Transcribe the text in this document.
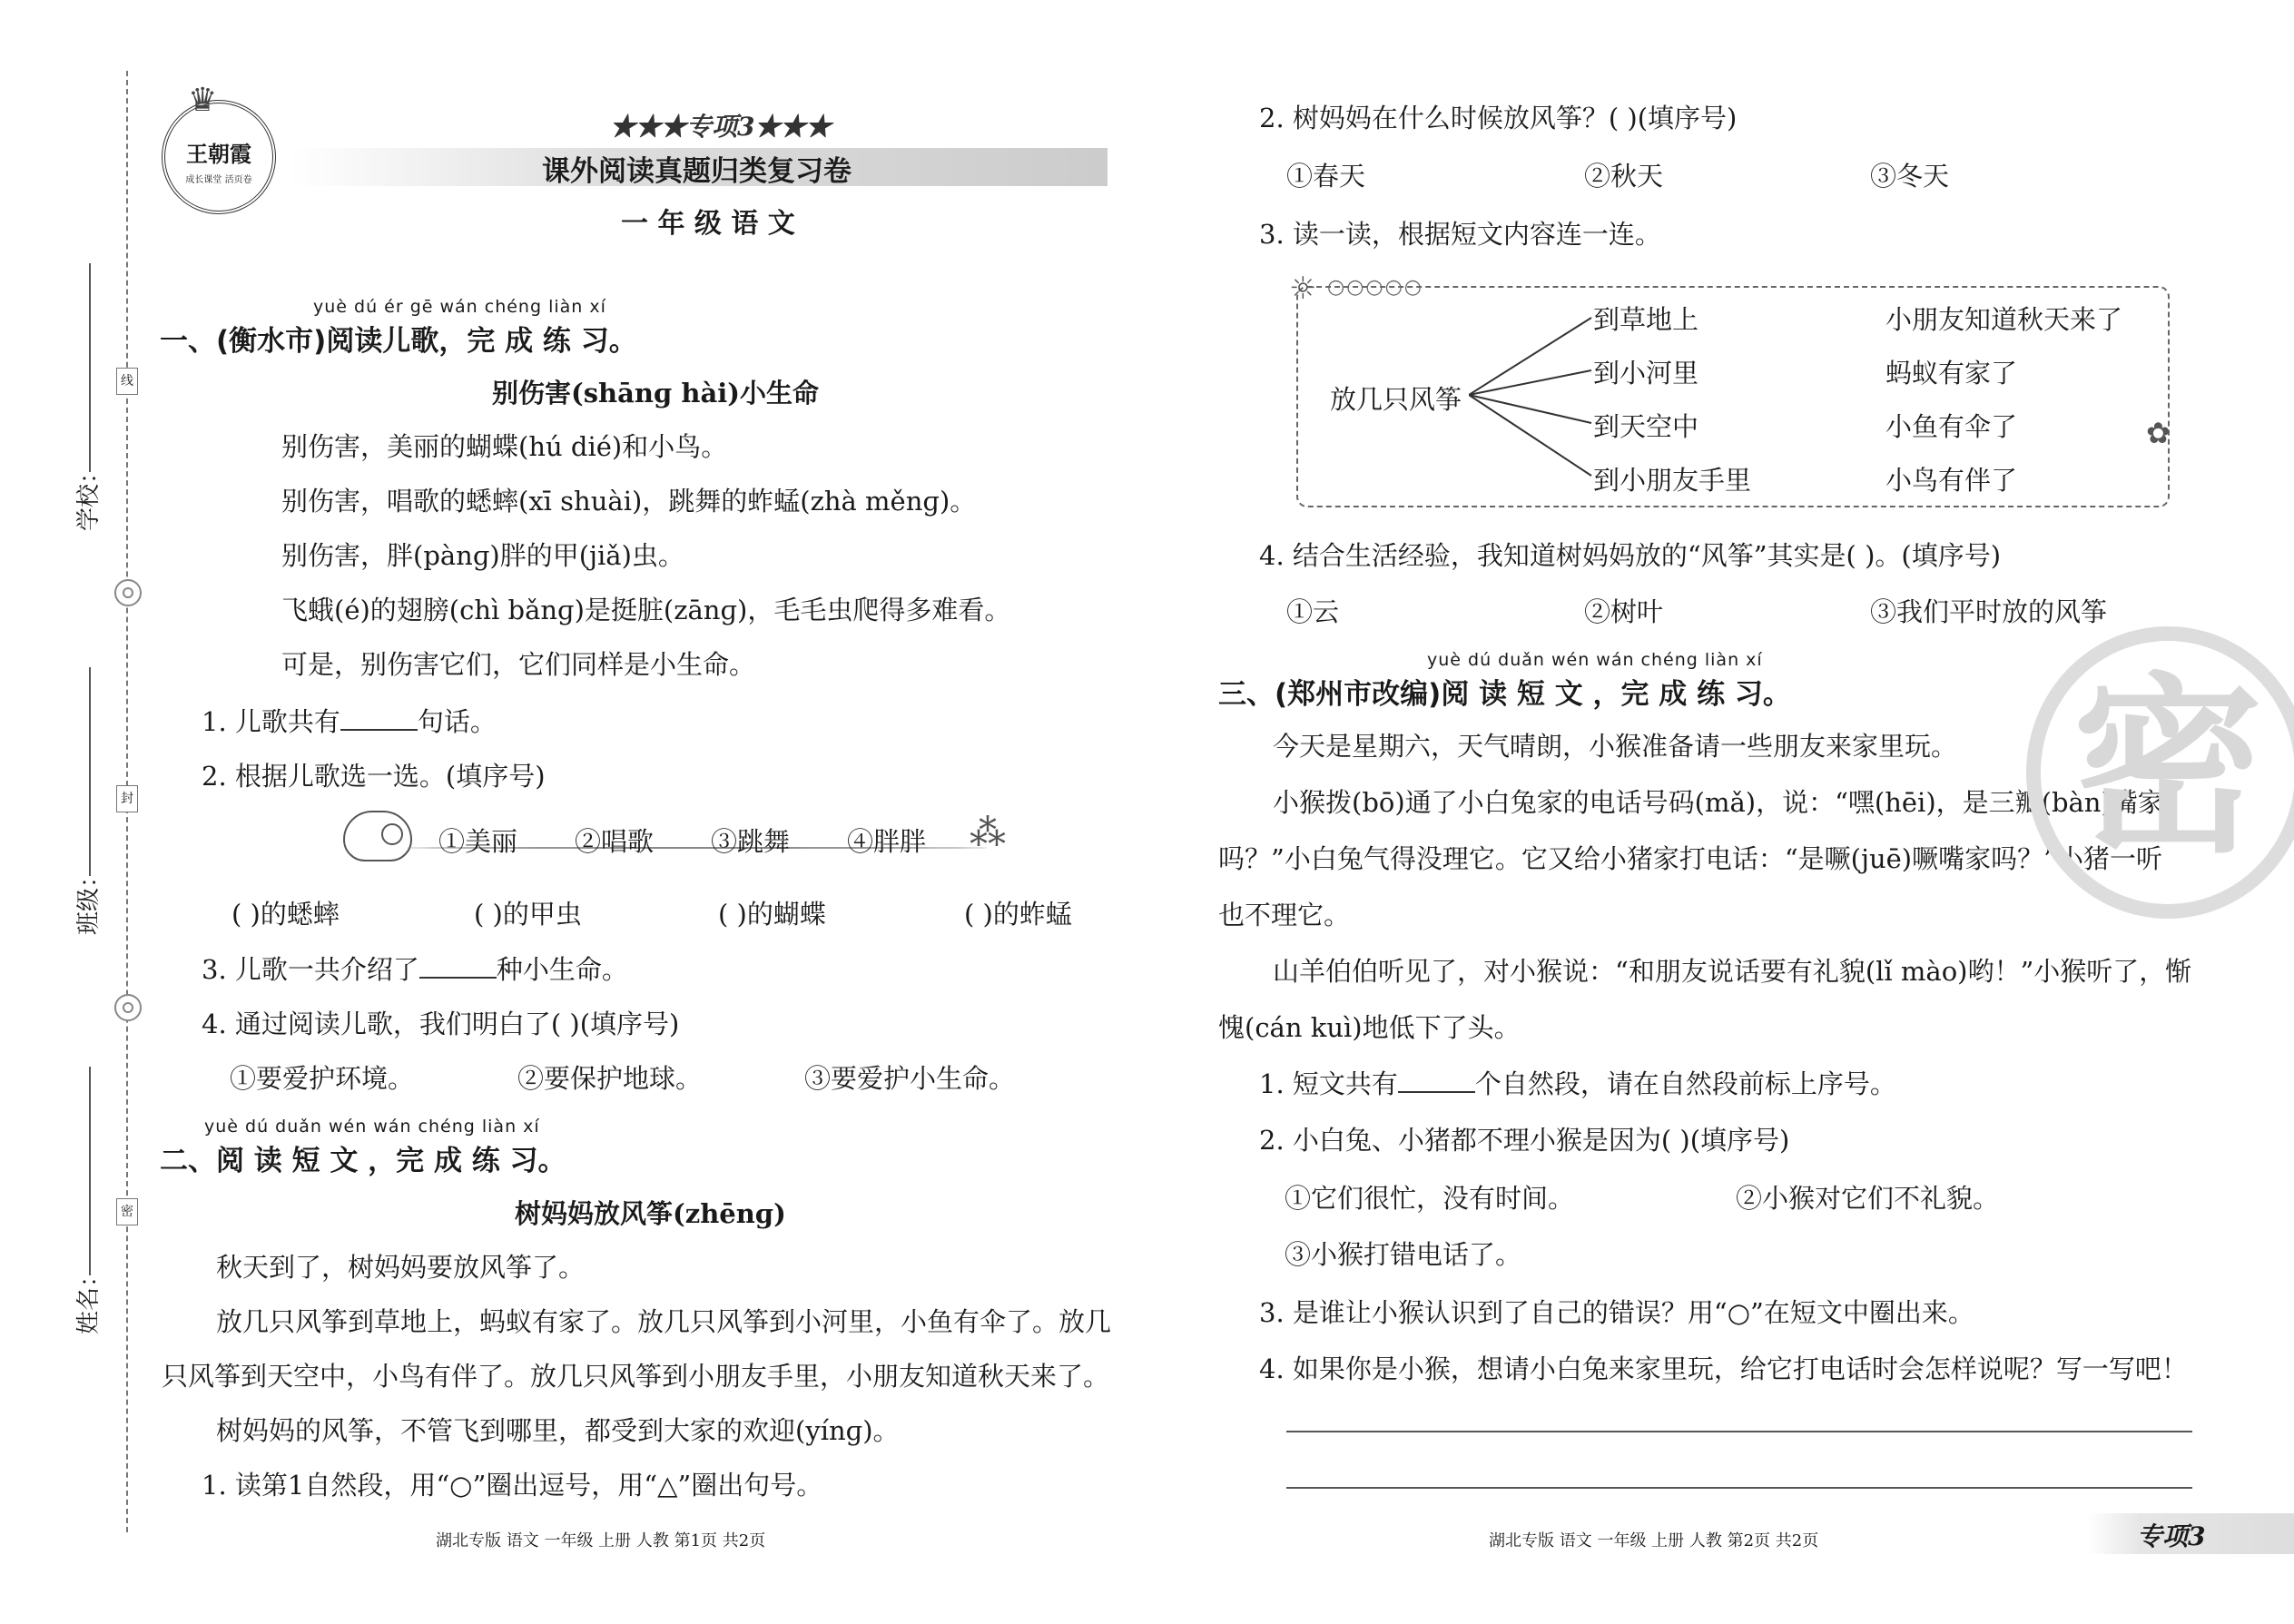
学校：
班级：
姓名：
线
封
密
王朝霞
成长课堂 活页卷
♛
★★★专项3★★★
课外阅读真题归类复习卷
一 年 级 语 文
yuè dú ér gē wán chéng liàn xí
一、(衡水市)阅读儿歌，完 成 练 习。
别伤害(shānɡ hài)小生命
别伤害，美丽的蝴蝶(hú dié)和小鸟。
别伤害，唱歌的蟋蟀(xī shuài)，跳舞的蚱蜢(zhà měnɡ)。
别伤害，胖(pànɡ)胖的甲(jiǎ)虫。
飞蛾(é)的翅膀(chì bǎnɡ)是挺脏(zānɡ)，毛毛虫爬得多难看。
可是，别伤害它们，它们同样是小生命。
1. 儿歌共有	句话。
2. 根据儿歌选一选。(填序号)
⁂
①美丽 ②唱歌 ③跳舞 ④胖胖
( )的蟋蟀	( )的甲虫	( )的蝴蝶	( )的蚱蜢
3. 儿歌一共介绍了	种小生命。
4. 通过阅读儿歌，我们明白了( )(填序号)
①要爱护环境。	②要保护地球。	③要爱护小生命。
yuè dú duǎn wén wán chéng liàn xí
二、阅 读 短 文 ，完 成 练 习。
树妈妈放风筝(zhēnɡ)
秋天到了，树妈妈要放风筝了。
放几只风筝到草地上，蚂蚁有家了。放几只风筝到小河里，小鱼有伞了。放几
只风筝到天空中，小鸟有伴了。放几只风筝到小朋友手里，小朋友知道秋天来了。
树妈妈的风筝，不管飞到哪里，都受到大家的欢迎(yínɡ)。
1. 读第1自然段，用“○”圈出逗号，用“△”圈出句号。
湖北专版 语文 一年级 上册 人教 第1页 共2页
2. 树妈妈在什么时候放风筝？( )(填序号)
①春天	②秋天	③冬天
3. 读一读，根据短文内容连一连。
☼ ○○○○○
✿
放几只风筝
到草地上
到小河里
到天空中
到小朋友手里
小朋友知道秋天来了
蚂蚁有家了
小鱼有伞了
小鸟有伴了
4. 结合生活经验，我知道树妈妈放的“风筝”其实是( )。(填序号)
①云	②树叶	③我们平时放的风筝
yuè dú duǎn wén wán chéng liàn xí
三、(郑州市改编)阅 读 短 文 ，完 成 练 习。
今天是星期六，天气晴朗，小猴准备请一些朋友来家里玩。
小猴拨(bō)通了小白兔家的电话号码(mǎ)，说：“嘿(hēi)，是三瓣(bàn)嘴家
吗？”小白兔气得没理它。它又给小猪家打电话：“是噘(juē)噘嘴家吗？”小猪一听
也不理它。
山羊伯伯听见了，对小猴说：“和朋友说话要有礼貌(lǐ mào)哟！”小猴听了，惭
愧(cán kuì)地低下了头。
1. 短文共有	个自然段，请在自然段前标上序号。
2. 小白兔、小猪都不理小猴是因为( )(填序号)
①它们很忙，没有时间。	②小猴对它们不礼貌。
③小猴打错电话了。
3. 是谁让小猴认识到了自己的错误？用“○”在短文中圈出来。
4. 如果你是小猴，想请小白兔来家里玩，给它打电话时会怎样说呢？写一写吧！
密
湖北专版 语文 一年级 上册 人教 第2页 共2页	专项3
